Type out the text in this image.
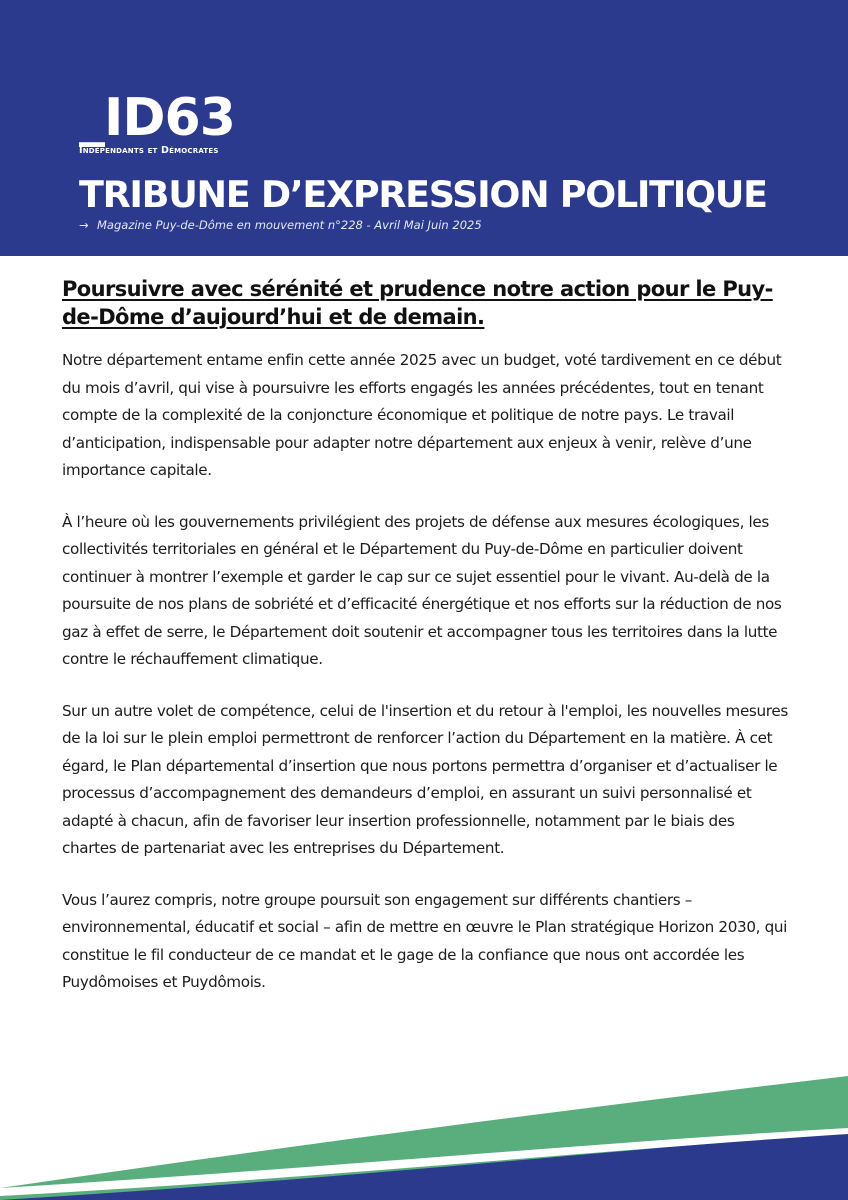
_ID63
Indépendants et Démocrates
TRIBUNE D’EXPRESSION POLITIQUE
→ Magazine Puy-de-Dôme en mouvement n°228 - Avril Mai Juin 2025
Poursuivre avec sérénité et prudence notre action pour le Puy-de-Dôme d’aujourd’hui et de demain.

Notre département entame enfin cette année 2025 avec un budget, voté tardivement en ce début du mois d’avril, qui vise à poursuivre les efforts engagés les années précédentes, tout en tenant compte de la complexité de la conjoncture économique et politique de notre pays. Le travail d’anticipation, indispensable pour adapter notre département aux enjeux à venir, relève d’une importance capitale.

À l’heure où les gouvernements privilégient des projets de défense aux mesures écologiques, les collectivités territoriales en général et le Département du Puy-de-Dôme en particulier doivent continuer à montrer l’exemple et garder le cap sur ce sujet essentiel pour le vivant. Au-delà de la poursuite de nos plans de sobriété et d’efficacité énergétique et nos efforts sur la réduction de nos gaz à effet de serre, le Département doit soutenir et accompagner tous les territoires dans la lutte contre le réchauffement climatique.

Sur un autre volet de compétence, celui de l'insertion et du retour à l'emploi, les nouvelles mesures de la loi sur le plein emploi permettront de renforcer l’action du Département en la matière. À cet égard, le Plan départemental d’insertion que nous portons permettra d’organiser et d’actualiser le processus d’accompagnement des demandeurs d’emploi, en assurant un suivi personnalisé et adapté à chacun, afin de favoriser leur insertion professionnelle, notamment par le biais des chartes de partenariat avec les entreprises du Département.

Vous l’aurez compris, notre groupe poursuit son engagement sur différents chantiers – environnemental, éducatif et social – afin de mettre en œuvre le Plan stratégique Horizon 2030, qui constitue le fil conducteur de ce mandat et le gage de la confiance que nous ont accordée les Puydômoises et Puydômois.
